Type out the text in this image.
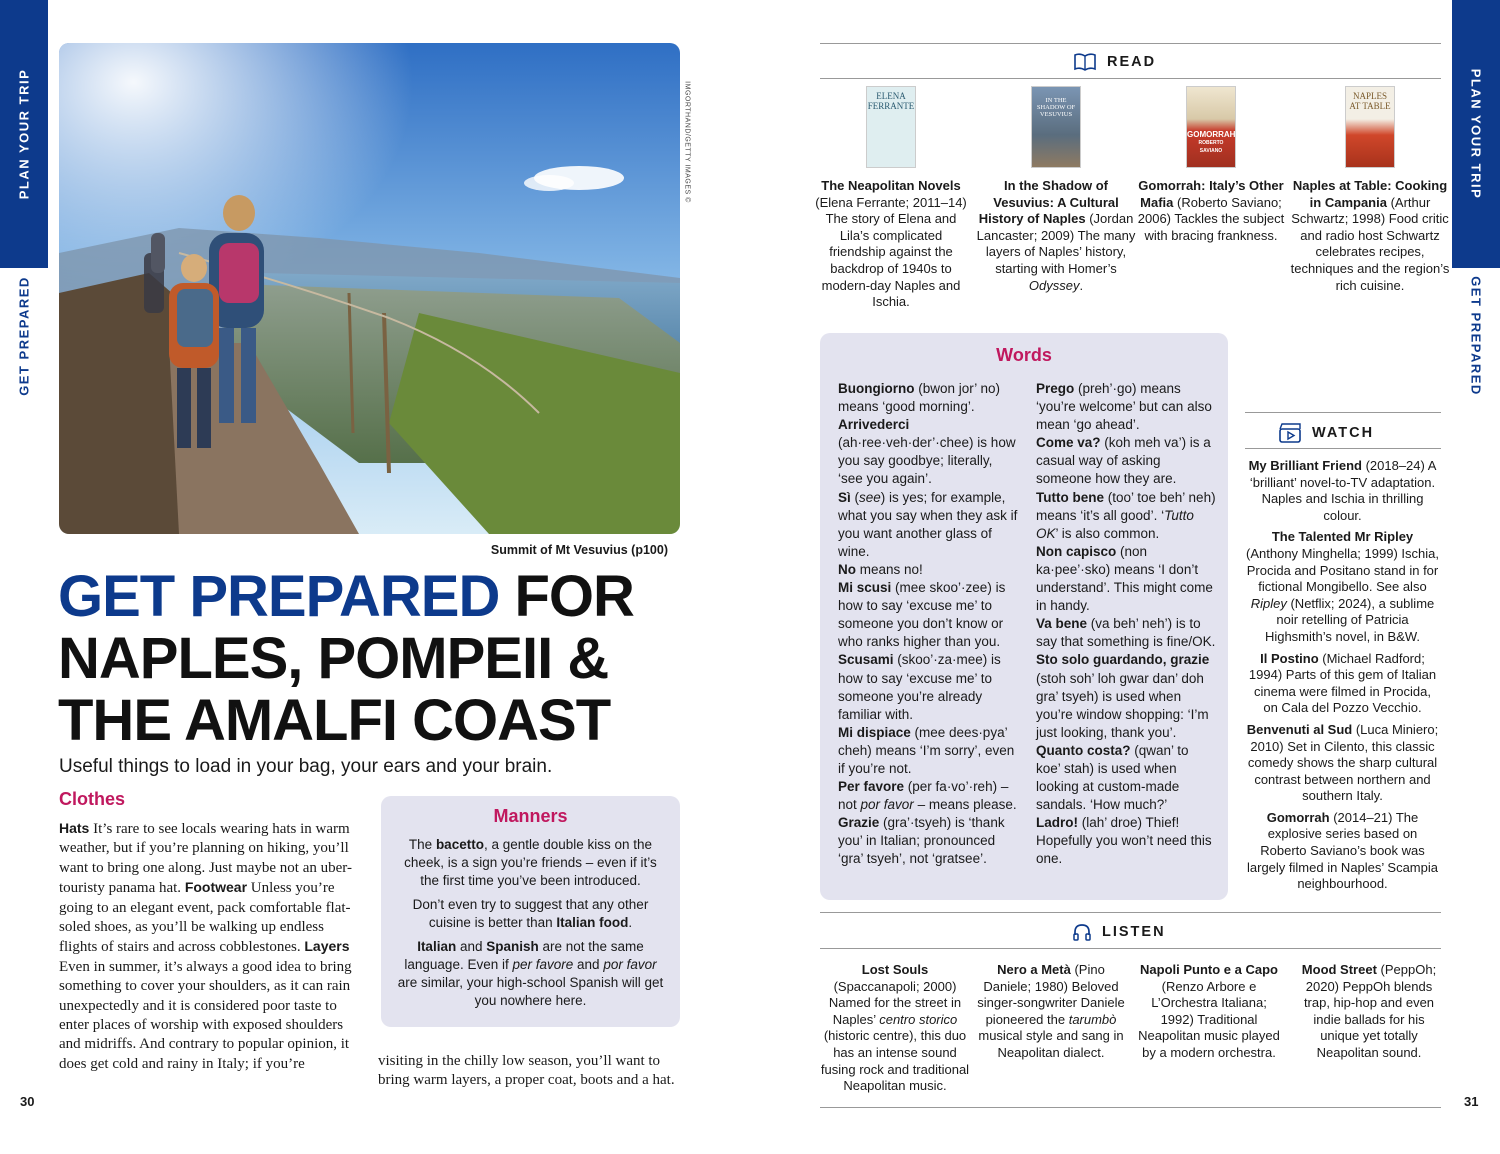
PLAN YOUR TRIP
GET PREPARED
PLAN YOUR TRIP
GET PREPARED
IMGORTHAND/GETTY IMAGES ©
Summit of Mt Vesuvius (p100)
GET PREPARED FOR
NAPLES, POMPEII &
THE AMALFI COAST
Useful things to load in your bag, your ears and your brain.
Clothes
Hats It’s rare to see locals wearing hats in warm weather, but if you’re planning on hiking, you’ll want to bring one along. Just maybe not an uber-touristy panama hat. Footwear Unless you’re going to an elegant event, pack comfortable flat-soled shoes, as you’ll be walking up endless flights of stairs and across cobblestones. Layers Even in summer, it’s always a good idea to bring something to cover your shoulders, as it can rain unexpectedly and it is considered poor taste to enter places of worship with exposed shoulders and midriffs. And contrary to popular opinion, it does get cold and rainy in Italy; if you’re	visiting in the chilly low season, you’ll want to bring warm layers, a proper coat, boots and a hat.
Manners

The bacetto, a gentle double kiss on the cheek, is a sign you’re friends – even if it’s the first time you’ve been introduced.

Don’t even try to suggest that any other cuisine is better than Italian food.

Italian and Spanish are not the same language. Even if per favore and por favor are similar, your high-school Spanish will get you nowhere here.

30	31
READ
ELENA
FERRANTE
The Neapolitan Novels (Elena Ferrante; 2011–14) The story of Elena and Lila’s complicated friendship against the backdrop of 1940s to modern-day Naples and Ischia.
IN THE
SHADOW OF VESUVIUS
In the Shadow of Vesuvius: A Cultural History of Naples (Jordan Lancaster; 2009) The many layers of Naples’ history, starting with Homer’s Odyssey.
GOMORRAH
ROBERTO SAVIANO
Gomorrah: Italy’s Other Mafia (Roberto Saviano; 2006) Tackles the subject with bracing frankness.
NAPLES
AT TABLE
Naples at Table: Cooking in Campania (Arthur Schwartz; 1998) Food critic and radio host Schwartz celebrates recipes, techniques and the region’s rich cuisine.
Words
Buongiorno (bwon jor’ no) means ‘good morning’.
Arrivederci (ah·ree·veh·der’·chee) is how you say goodbye; literally, ‘see you again’.
Sì (see) is yes; for example, what you say when they ask if you want another glass of wine.
No means no!
Mi scusi (mee skoo’·zee) is how to say ‘excuse me’ to someone you don’t know or who ranks higher than you.
Scusami (skoo’·za·mee) is how to say ‘excuse me’ to someone you’re already familiar with.
Mi dispiace (mee dees·pya’ cheh) means ‘I’m sorry’, even if you’re not.
Per favore (per fa·vo’·reh) – not por favor – means please.
Grazie (gra’·tsyeh) is ‘thank you’ in Italian; pronounced ‘gra’ tsyeh’, not ‘gratsee’.
Prego (preh’·go) means ‘you’re welcome’ but can also mean ‘go ahead’.
Come va? (koh meh va’) is a casual way of asking someone how they are.
Tutto bene (too’ toe beh’ neh) means ‘it’s all good’. ‘Tutto OK’ is also common.
Non capisco (non ka·pee’·sko) means ‘I don’t understand’. This might come in handy.
Va bene (va beh’ neh’) is to say that something is fine/OK.
Sto solo guardando, grazie (stoh soh’ loh gwar dan’ doh gra’ tsyeh) is used when you’re window shopping: ‘I’m just looking, thank you’.
Quanto costa? (qwan’ to koe’ stah) is used when looking at custom-made sandals. ‘How much?’
Ladro! (lah’ droe) Thief! Hopefully you won’t need this one.
WATCH

My Brilliant Friend (2018–24) A ‘brilliant’ novel-to-TV adaptation. Naples and Ischia in thrilling colour.

The Talented Mr Ripley (Anthony Minghella; 1999) Ischia, Procida and Positano stand in for fictional Mongibello. See also Ripley (Netflix; 2024), a sublime noir retelling of Patricia Highsmith’s novel, in B&W.

Il Postino (Michael Radford; 1994) Parts of this gem of Italian cinema were filmed in Procida, on Cala del Pozzo Vecchio.

Benvenuti al Sud (Luca Miniero; 2010) Set in Cilento, this classic comedy shows the sharp cultural contrast between northern and southern Italy.

Gomorrah (2014–21) The explosive series based on Roberto Saviano’s book was largely filmed in Naples’ Scampia neighbourhood.

LISTEN
Lost Souls (Spaccanapoli; 2000) Named for the street in Naples’ centro storico (historic centre), this duo has an intense sound fusing rock and traditional Neapolitan music.
Nero a Metà (Pino Daniele; 1980) Beloved singer-songwriter Daniele pioneered the tarumbò musical style and sang in Neapolitan dialect.
Napoli Punto e a Capo (Renzo Arbore e L’Orchestra Italiana; 1992) Traditional Neapolitan music played by a modern orchestra.
Mood Street (PeppOh; 2020) PeppOh blends trap, hip-hop and even indie ballads for his unique yet totally Neapolitan sound.
